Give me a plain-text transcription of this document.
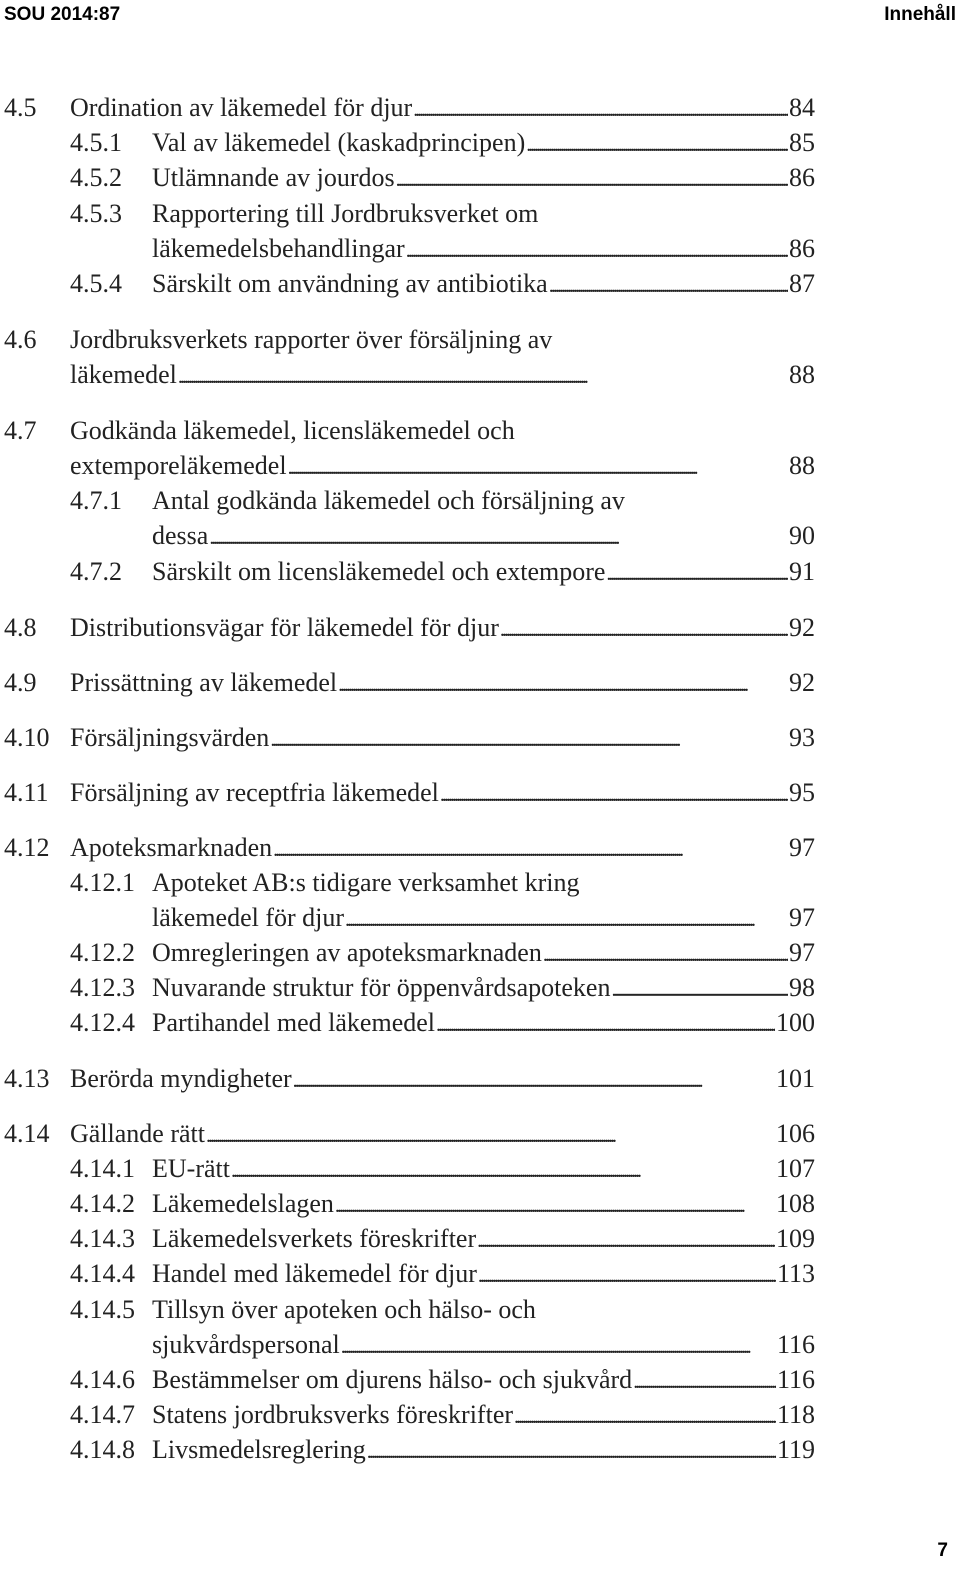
SOU 2014:87	Innehåll
4.5 Ordination av läkemedel för djur . . .	84
4.5.1 Val av läkemedel (kaskadprincipen) . . .	85
4.5.2 Utlämnande av jourdos . . .	86
4.5.3 Rapportering till Jordbruksverket om
läkemedelsbehandlingar . . .	86
4.5.4 Särskilt om användning av antibiotika . . .	87
4.6 Jordbruksverkets rapporter över försäljning av
läkemedel . . .	88
4.7 Godkända läkemedel, licensläkemedel och
extemporeläkemedel . . .	88
4.7.1 Antal godkända läkemedel och försäljning av
dessa . . .	90
4.7.2 Särskilt om licensläkemedel och extempore . . .	91
4.8 Distributionsvägar för läkemedel för djur . . .	92
4.9 Prissättning av läkemedel . . .	92
4.10 Försäljningsvärden . . .	93
4.11 Försäljning av receptfria läkemedel . . .	95
4.12 Apoteksmarknaden . . .	97
4.12.1 Apoteket AB:s tidigare verksamhet kring
läkemedel för djur . . .	97
4.12.2 Omregleringen av apoteksmarknaden . . .	97
4.12.3 Nuvarande struktur för öppenvårdsapoteken . . .	98
4.12.4 Partihandel med läkemedel . . .	100
4.13 Berörda myndigheter . . .	101
4.14 Gällande rätt . . .	106
4.14.1 EU-rätt . . .	107
4.14.2 Läkemedelslagen . . .	108
4.14.3 Läkemedelsverkets föreskrifter . . .	109
4.14.4 Handel med läkemedel för djur . . .	113
4.14.5 Tillsyn över apoteken och hälso- och
sjukvårdspersonal . . .	116
4.14.6 Bestämmelser om djurens hälso- och sjukvård . . .	116
4.14.7 Statens jordbruksverks föreskrifter . . .	118
4.14.8 Livsmedelsreglering . . .	119
7
